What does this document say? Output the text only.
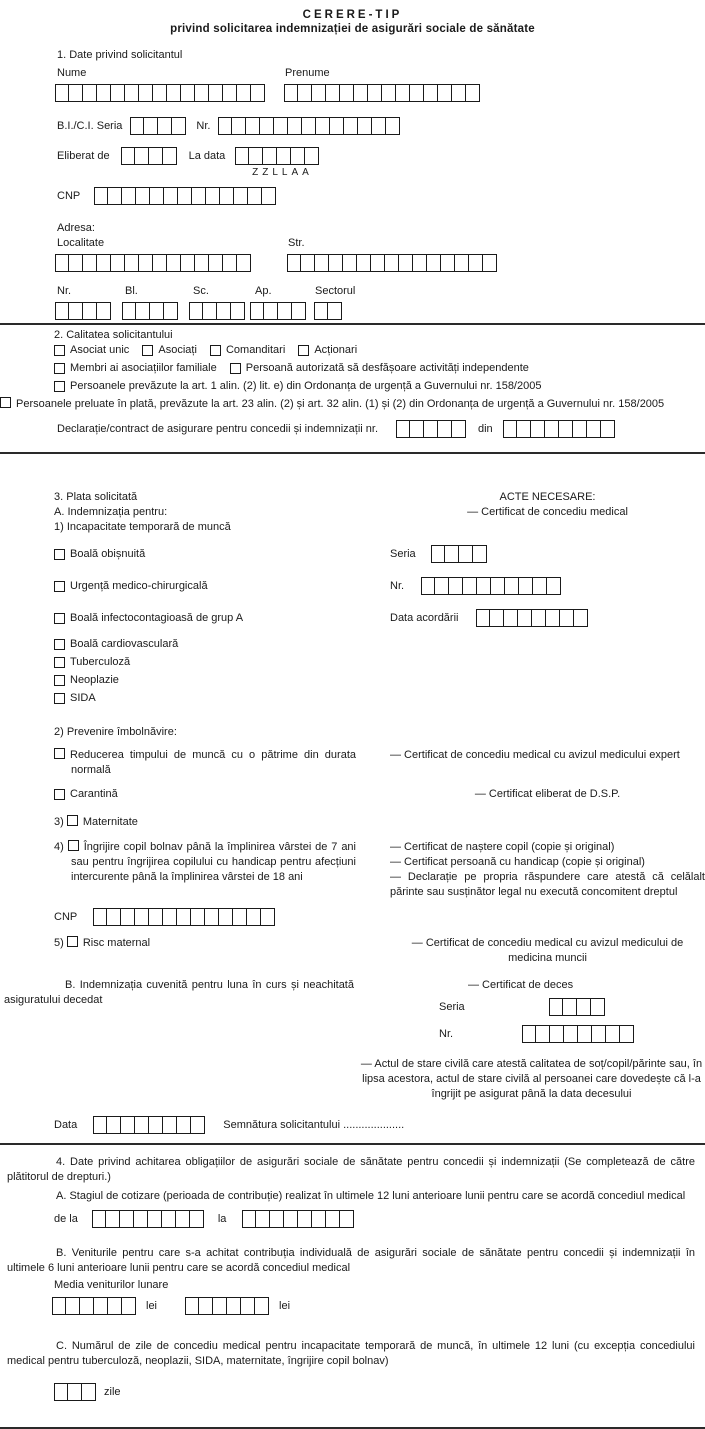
CERERE-TIP
privind solicitarea indemnizației de asigurări sociale de sănătate
1. Date privind solicitantul
Nume	Prenume
B.I./C.I. Seria	Nr.
Eliberat de	La data
ZZLLAA
CNP
Adresa:
Localitate	Str.
Nr.	Bl.	Sc.	Ap.	Sectorul
2. Calitatea solicitantului
Asociat unic
	Asociați
	Comanditari
	Acționari
Membri ai asociațiilor familiale
	Persoană autorizată să desfășoare activități independente
Persoanele prevăzute la art. 1 alin. (2) lit. e) din Ordonanța de urgență a Guvernului nr. 158/2005

Persoanele preluate în plată, prevăzute la art. 23 alin. (2) și art. 32 alin. (1) și (2) din Ordonanța de urgență a Guvernului nr. 158/2005

Declarație/contract de asigurare pentru concedii și indemnizații nr.	din

3. Plata solicitată

A. Indemnizația pentru:

1) Incapacitate temporară de muncă

ACTE NECESARE:

— Certificat de concediu medical

Boală obișnuită	Seria
Urgență medico-chirurgicală	Nr.
Boală infectocontagioasă de grup A	Data acordării

Boală cardiovasculară

Tuberculoză

Neoplazie

SIDA

2) Prevenire îmbolnăvire:

Reducerea timpului de muncă cu o pătrime din durata normală

— Certificat de concediu medical cu avizul medicului expert

Carantină	— Certificat eliberat de D.S.P.

3) Maternitate

4) Îngrijire copil bolnav până la împlinirea vârstei de 7 ani sau pentru îngrijirea copilului cu handicap pentru afecțiuni intercurente până la împlinirea vârstei de 18 ani

— Certificat de naștere copil (copie și original)

— Certificat persoană cu handicap (copie și original)

— Declarație pe propria răspundere care atestă că celălalt părinte sau susținător legal nu execută concomitent dreptul

CNP

5) Risc maternal	— Certificat de concediu medical cu avizul medicului de medicina muncii

B. Indemnizația cuvenită pentru luna în curs și neachitată asiguratului decedat

— Certificat de deces

Seria
Nr.
— Actul de stare civilă care atestă calitatea de soț/copil/părinte sau, în lipsa acestora, actul de stare civilă al persoanei care dovedește că l-a îngrijit pe asigurat până la data decesului
Data	Semnătura solicitantului ....................

4. Date privind achitarea obligațiilor de asigurări sociale de sănătate pentru concedii și indemnizații (Se completează de către plătitorul de drepturi.)

A. Stagiul de cotizare (perioada de contribuție) realizat în ultimele 12 luni anterioare lunii pentru care se acordă concediul medical

de la	la

B. Veniturile pentru care s-a achitat contribuția individuală de asigurări sociale de sănătate pentru concedii și indemnizații în ultimele 6 luni anterioare lunii pentru care se acordă concediul medical

Media veniturilor lunare
lei	lei

C. Numărul de zile de concediu medical pentru incapacitate temporară de muncă, în ultimele 12 luni (cu excepția concediului medical pentru tuberculoză, neoplazii, SIDA, maternitate, îngrijire copil bolnav)

zile
